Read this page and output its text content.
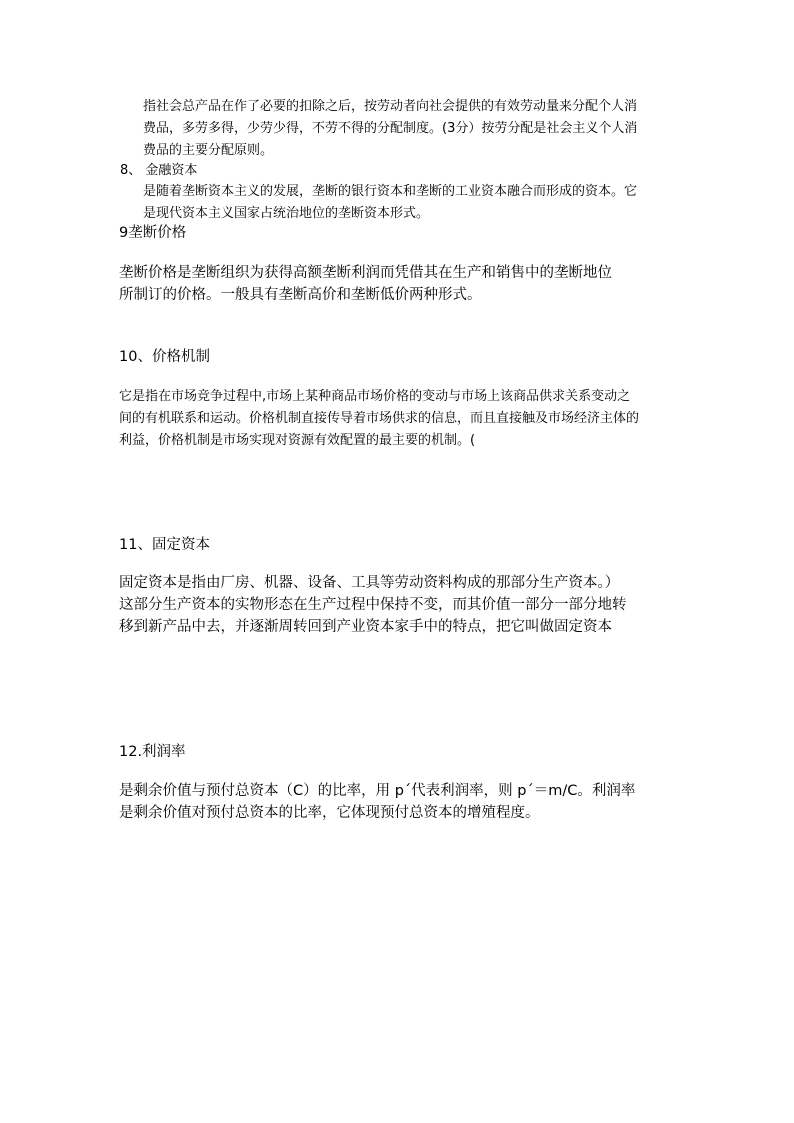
指社会总产品在作了必要的扣除之后，按劳动者向社会提供的有效劳动量来分配个人消
费品，多劳多得，少劳少得，不劳不得的分配制度。(3分）按劳分配是社会主义个人消
费品的主要分配原则。
8、 金融资本
是随着垄断资本主义的发展，垄断的银行资本和垄断的工业资本融合而形成的资本。它
是现代资本主义国家占统治地位的垄断资本形式。
9垄断价格
垄断价格是垄断组织为获得高额垄断利润而凭借其在生产和销售中的垄断地位
所制订的价格。一般具有垄断高价和垄断低价两种形式。
10、价格机制
它是指在市场竞争过程中,市场上某种商品市场价格的变动与市场上该商品供求关系变动之
间的有机联系和运动。价格机制直接传导着市场供求的信息，而且直接触及市场经济主体的
利益，价格机制是市场实现对资源有效配置的最主要的机制。(
11、固定资本
固定资本是指由厂房、机器、设备、工具等劳动资料构成的那部分生产资本。）
这部分生产资本的实物形态在生产过程中保持不变，而其价值一部分一部分地转
移到新产品中去，并逐渐周转回到产业资本家手中的特点，把它叫做固定资本
12.利润率
是剩余价值与预付总资本（C）的比率，用 p´代表利润率，则 p´＝m/C。利润率
是剩余价值对预付总资本的比率，它体现预付总资本的增殖程度。
